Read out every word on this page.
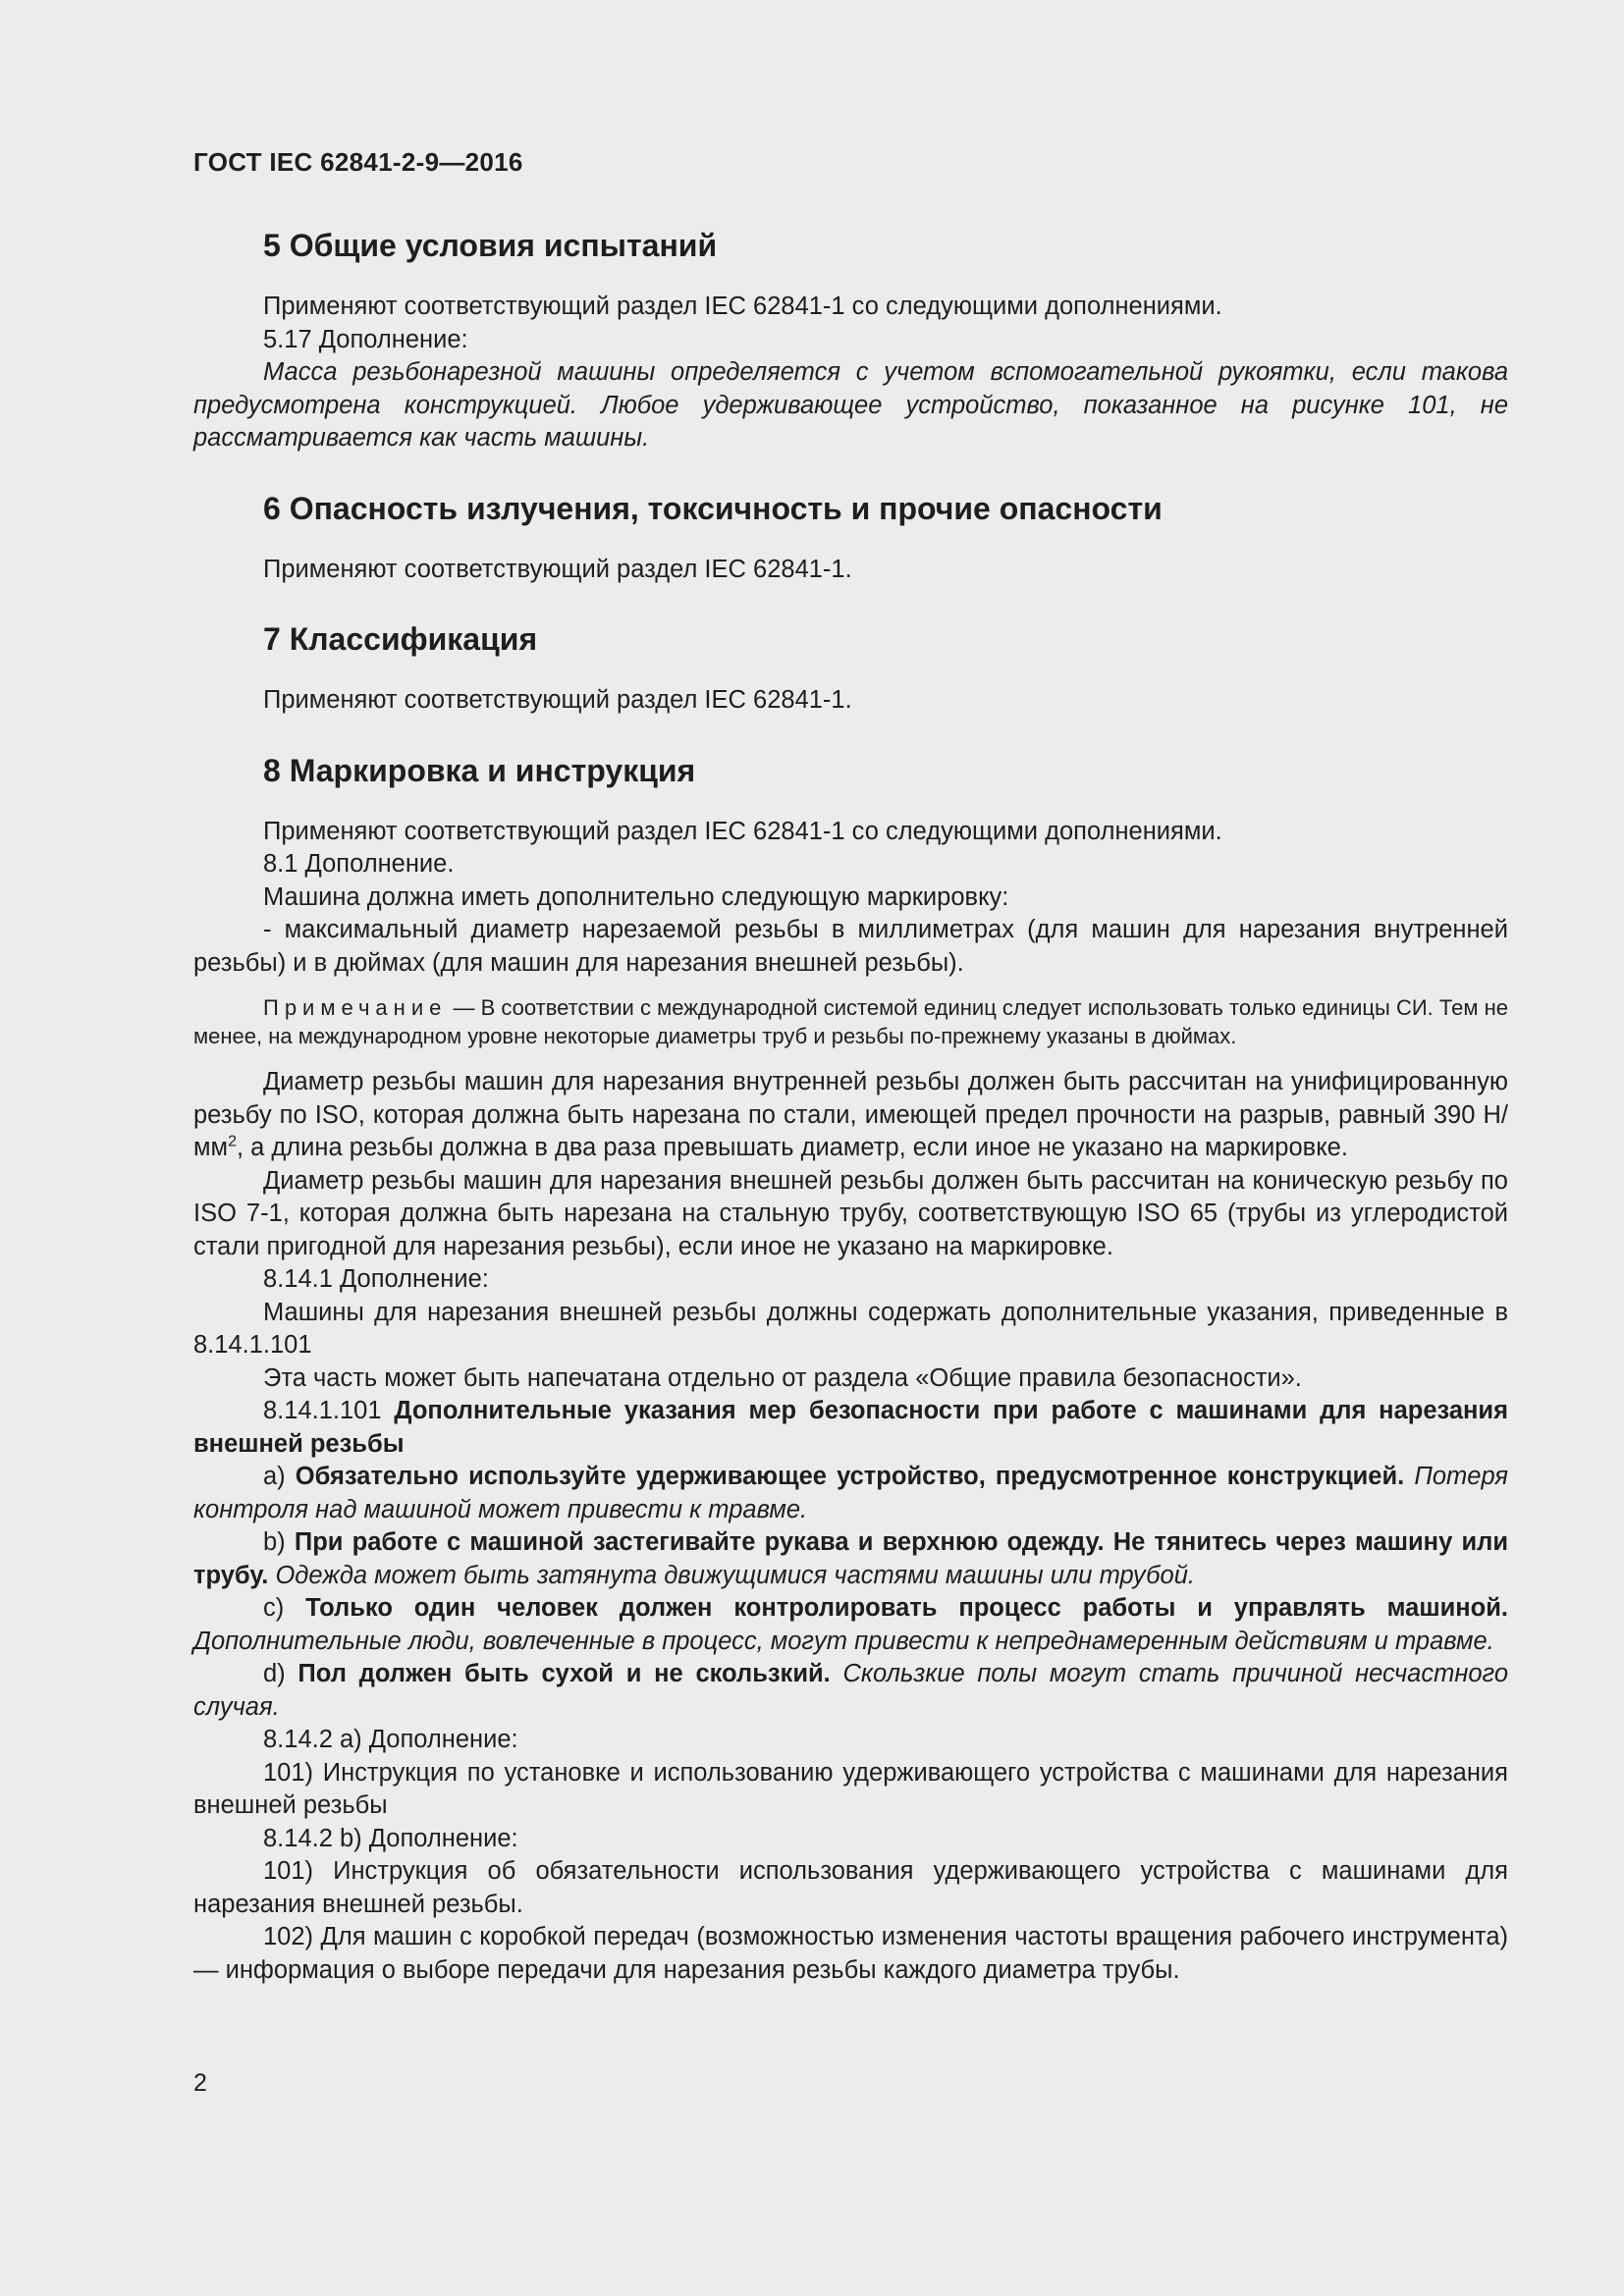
ГОСТ IEC 62841-2-9—2016
5 Общие условия испытаний

Применяют соответствующий раздел IEC 62841-1 со следующими дополнениями.

5.17 Дополнение:

Масса резьбонарезной машины определяется с учетом вспомогательной рукоятки, если такова предусмотрена конструкцией. Любое удерживающее устройство, показанное на рисунке 101, не рассматривается как часть машины.

6 Опасность излучения, токсичность и прочие опасности

Применяют соответствующий раздел IEC 62841-1.

7 Классификация

Применяют соответствующий раздел IEC 62841-1.

8 Маркировка и инструкция

Применяют соответствующий раздел IEC 62841-1 со следующими дополнениями.

8.1 Дополнение.

Машина должна иметь дополнительно следующую маркировку:

- максимальный диаметр нарезаемой резьбы в миллиметрах (для машин для нарезания внутренней резьбы) и в дюймах (для машин для нарезания внешней резьбы).

Примечание — В соответствии с международной системой единиц следует использовать только единицы СИ. Тем не менее, на международном уровне некоторые диаметры труб и резьбы по-прежнему указаны в дюймах.

Диаметр резьбы машин для нарезания внутренней резьбы должен быть рассчитан на унифицированную резьбу по ISO, которая должна быть нарезана по стали, имеющей предел прочности на разрыв, равный 390 $Н/мм^2$, а длина резьбы должна в два раза превышать диаметр, если иное не указано на маркировке.

Диаметр резьбы машин для нарезания внешней резьбы должен быть рассчитан на коническую резьбу по ISO 7-1, которая должна быть нарезана на стальную трубу, соответствующую ISO 65 (трубы из углеродистой стали пригодной для нарезания резьбы), если иное не указано на маркировке.

8.14.1 Дополнение:

Машины для нарезания внешней резьбы должны содержать дополнительные указания, приведенные в 8.14.1.101

Эта часть может быть напечатана отдельно от раздела «Общие правила безопасности».

8.14.1.101 Дополнительные указания мер безопасности при работе с машинами для нарезания внешней резьбы

a) Обязательно используйте удерживающее устройство, предусмотренное конструкцией. Потеря контроля над машиной может привести к травме.

b) При работе с машиной застегивайте рукава и верхнюю одежду. Не тянитесь через машину или трубу. Одежда может быть затянута движущимися частями машины или трубой.

c) Только один человек должен контролировать процесс работы и управлять машиной. Дополнительные люди, вовлеченные в процесс, могут привести к непреднамеренным действиям и травме.

d) Пол должен быть сухой и не скользкий. Скользкие полы могут стать причиной несчастного случая.

8.14.2 a) Дополнение:

101) Инструкция по установке и использованию удерживающего устройства с машинами для нарезания внешней резьбы

8.14.2 b) Дополнение:

101) Инструкция об обязательности использования удерживающего устройства с машинами для нарезания внешней резьбы.

102) Для машин с коробкой передач (возможностью изменения частоты вращения рабочего инструмента) — информация о выборе передачи для нарезания резьбы каждого диаметра трубы.

2
